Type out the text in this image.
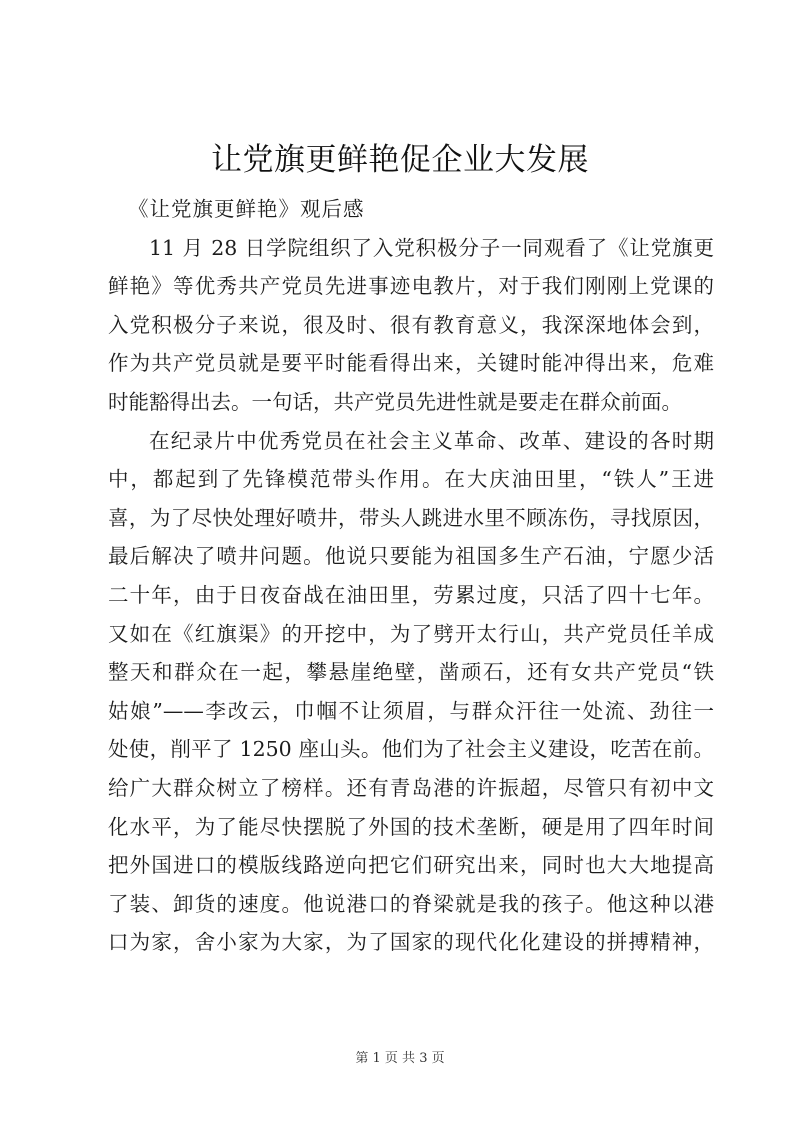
让党旗更鲜艳促企业大发展
《让党旗更鲜艳》观后感
11 月 28 日学院组织了入党积极分子一同观看了《让党旗更
鲜艳》等优秀共产党员先进事迹电教片，对于我们刚刚上党课的
入党积极分子来说，很及时、很有教育意义，我深深地体会到，
作为共产党员就是要平时能看得出来，关键时能冲得出来，危难
时能豁得出去。一句话，共产党员先进性就是要走在群众前面。
在纪录片中优秀党员在社会主义革命、改革、建设的各时期
中，都起到了先锋模范带头作用。在大庆油田里，“铁人”王进
喜，为了尽快处理好喷井，带头人跳进水里不顾冻伤，寻找原因，
最后解决了喷井问题。他说只要能为祖国多生产石油，宁愿少活
二十年，由于日夜奋战在油田里，劳累过度，只活了四十七年。
又如在《红旗渠》的开挖中，为了劈开太行山，共产党员任羊成
整天和群众在一起，攀悬崖绝壁，凿顽石，还有女共产党员“铁
姑娘”——李改云，巾帼不让须眉，与群众汗往一处流、劲往一
处使，削平了 1250 座山头。他们为了社会主义建设，吃苦在前。
给广大群众树立了榜样。还有青岛港的许振超，尽管只有初中文
化水平，为了能尽快摆脱了外国的技术垄断，硬是用了四年时间
把外国进口的模版线路逆向把它们研究出来，同时也大大地提高
了装、卸货的速度。他说港口的脊梁就是我的孩子。他这种以港
口为家，舍小家为大家，为了国家的现代化化建设的拼搏精神，
第 1 页 共 3 页
